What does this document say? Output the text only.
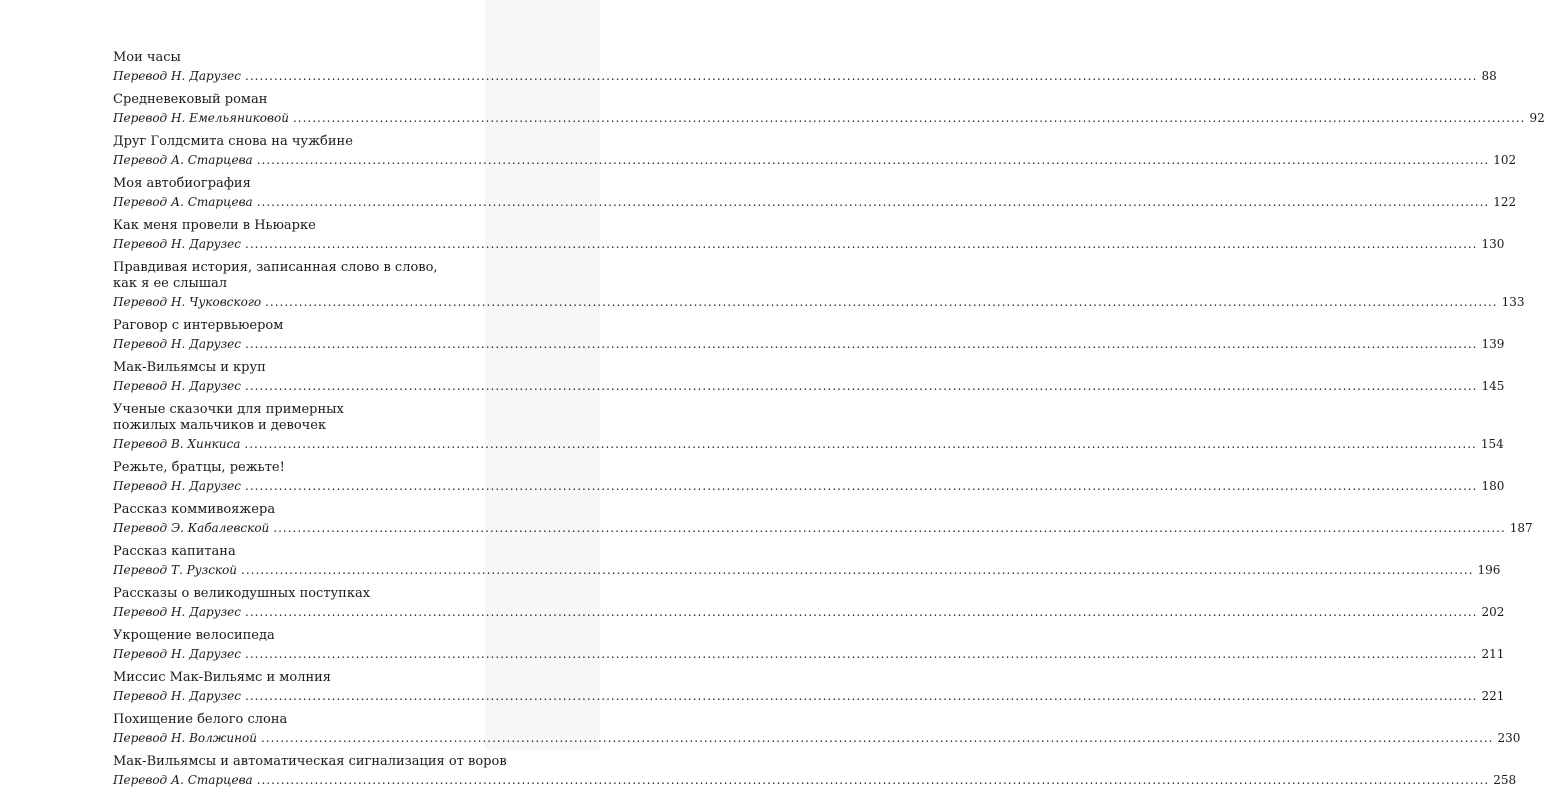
Мои часы
Перевод Н. Дарузес .....	88
Средневековый роман
Перевод Н. Емельяниковой .....	92
Друг Голдсмита снова на чужбине
Перевод А. Старцева .....	102
Моя автобиография
Перевод А. Старцева .....	122
Как меня провели в Ньюарке
Перевод Н. Дарузес .....	130
Правдивая история, записанная слово в слово,
как я ее слышал
Перевод Н. Чуковского .....	133
Раговор с интервьюером
Перевод Н. Дарузес .....	139
Мак-Вильямсы и круп
Перевод Н. Дарузес .....	145
Ученые сказочки для примерных
пожилых мальчиков и девочек
Перевод В. Хинкиса .....	154
Режьте, братцы, режьте!
Перевод Н. Дарузес .....	180
Рассказ коммивояжера
Перевод Э. Кабалевской .....	187
Рассказ капитана
Перевод Т. Рузской .....	196
Рассказы о великодушных поступках
Перевод Н. Дарузес .....	202
Укрощение велосипеда
Перевод Н. Дарузес .....	211
Миссис Мак-Вильямс и молния
Перевод Н. Дарузес .....	221
Похищение белого слона
Перевод Н. Волжиной .....	230
Мак-Вильямсы и автоматическая сигнализация от воров
Перевод А. Старцева .....	258
